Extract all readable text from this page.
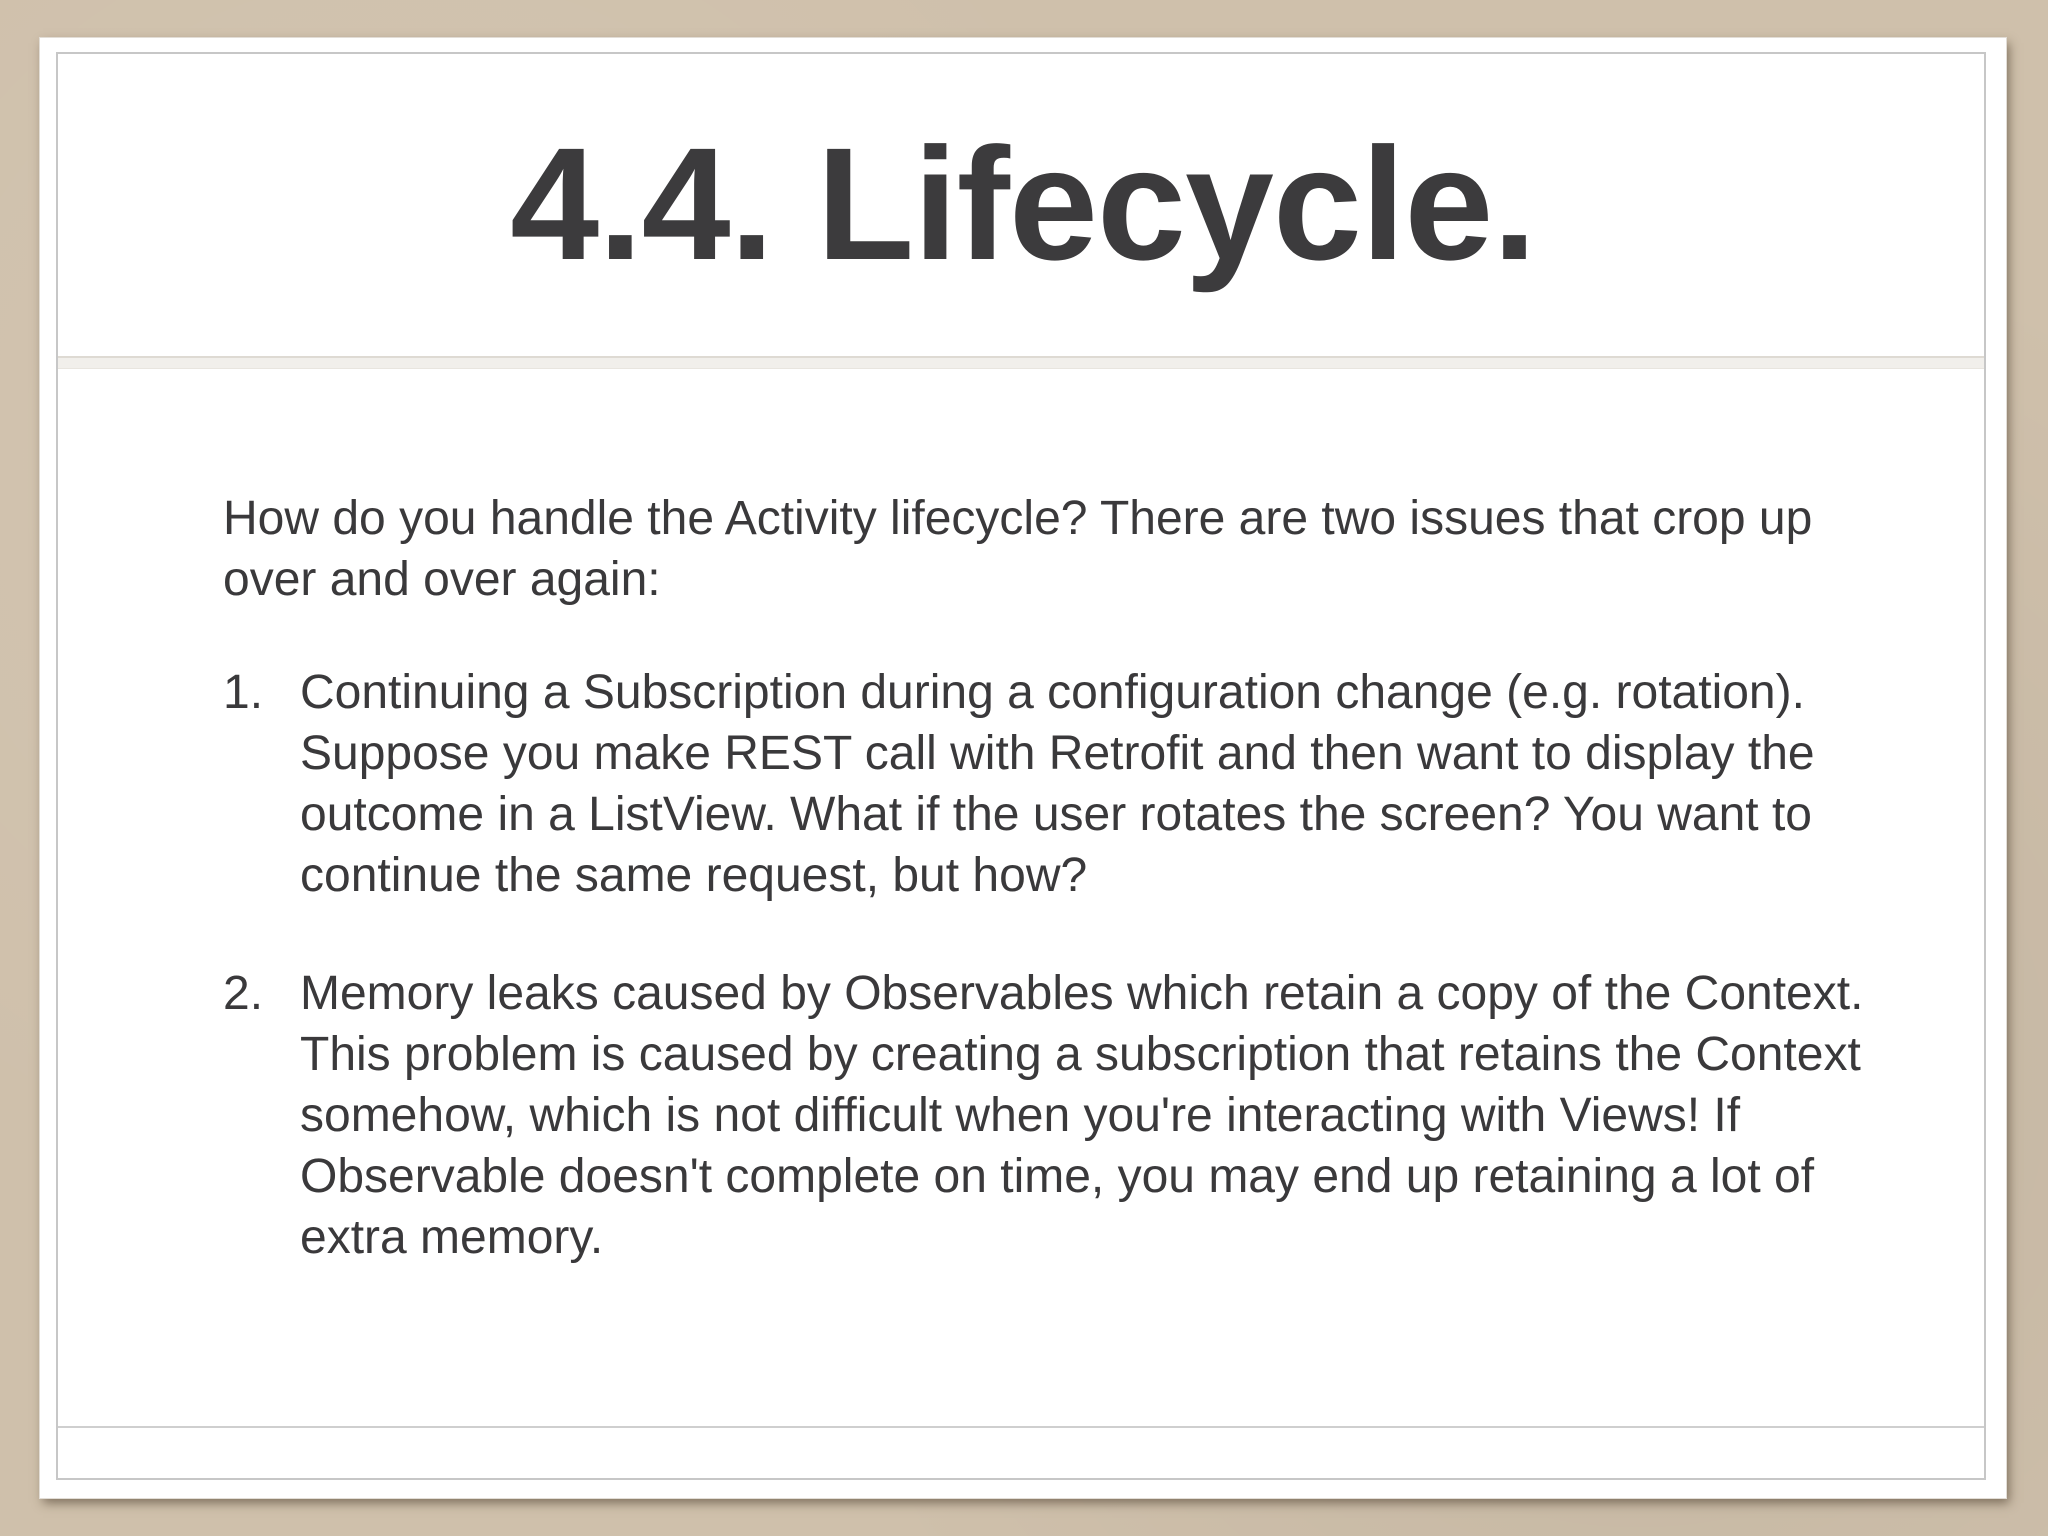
4.4. Lifecycle.

How do you handle the Activity lifecycle? There are two issues that crop up over and over again:

1. Continuing a Subscription during a configuration change (e.g. rotation). Suppose you make REST call with Retrofit and then want to display the outcome in a ListView. What if the user rotates the screen? You want to continue the same request, but how?
2. Memory leaks caused by Observables which retain a copy of the Context. This problem is caused by creating a subscription that retains the Context somehow, which is not difficult when you're interacting with Views! If Observable doesn't complete on time, you may end up retaining a lot of extra memory.
